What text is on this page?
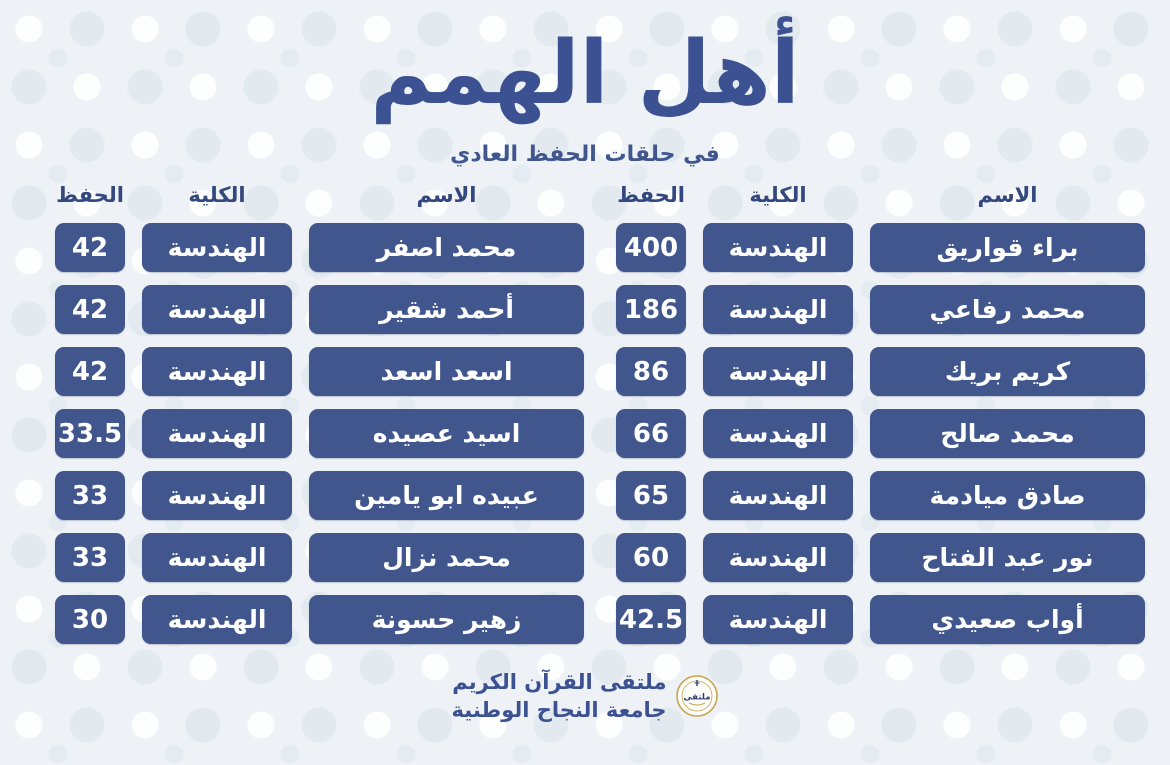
أهل الهمم
في حلقات الحفظ العادي
الاسم
الكلية
الحفظ
براء قواريق
الهندسة
400
محمد رفاعي
الهندسة
186
كريم بريك
الهندسة
86
محمد صالح
الهندسة
66
صادق ميادمة
الهندسة
65
نور عبد الفتاح
الهندسة
60
أواب صعيدي
الهندسة
42.5
الاسم
الكلية
الحفظ
محمد اصفر
الهندسة
42
أحمد شقير
الهندسة
42
اسعد اسعد
الهندسة
42
اسيد عصيده
الهندسة
33.5
عبيده ابو يامين
الهندسة
33
محمد نزال
الهندسة
33
زهير حسونة
الهندسة
30
ملتقى
ملتقى القرآن الكريم
جامعة النجاح الوطنية
